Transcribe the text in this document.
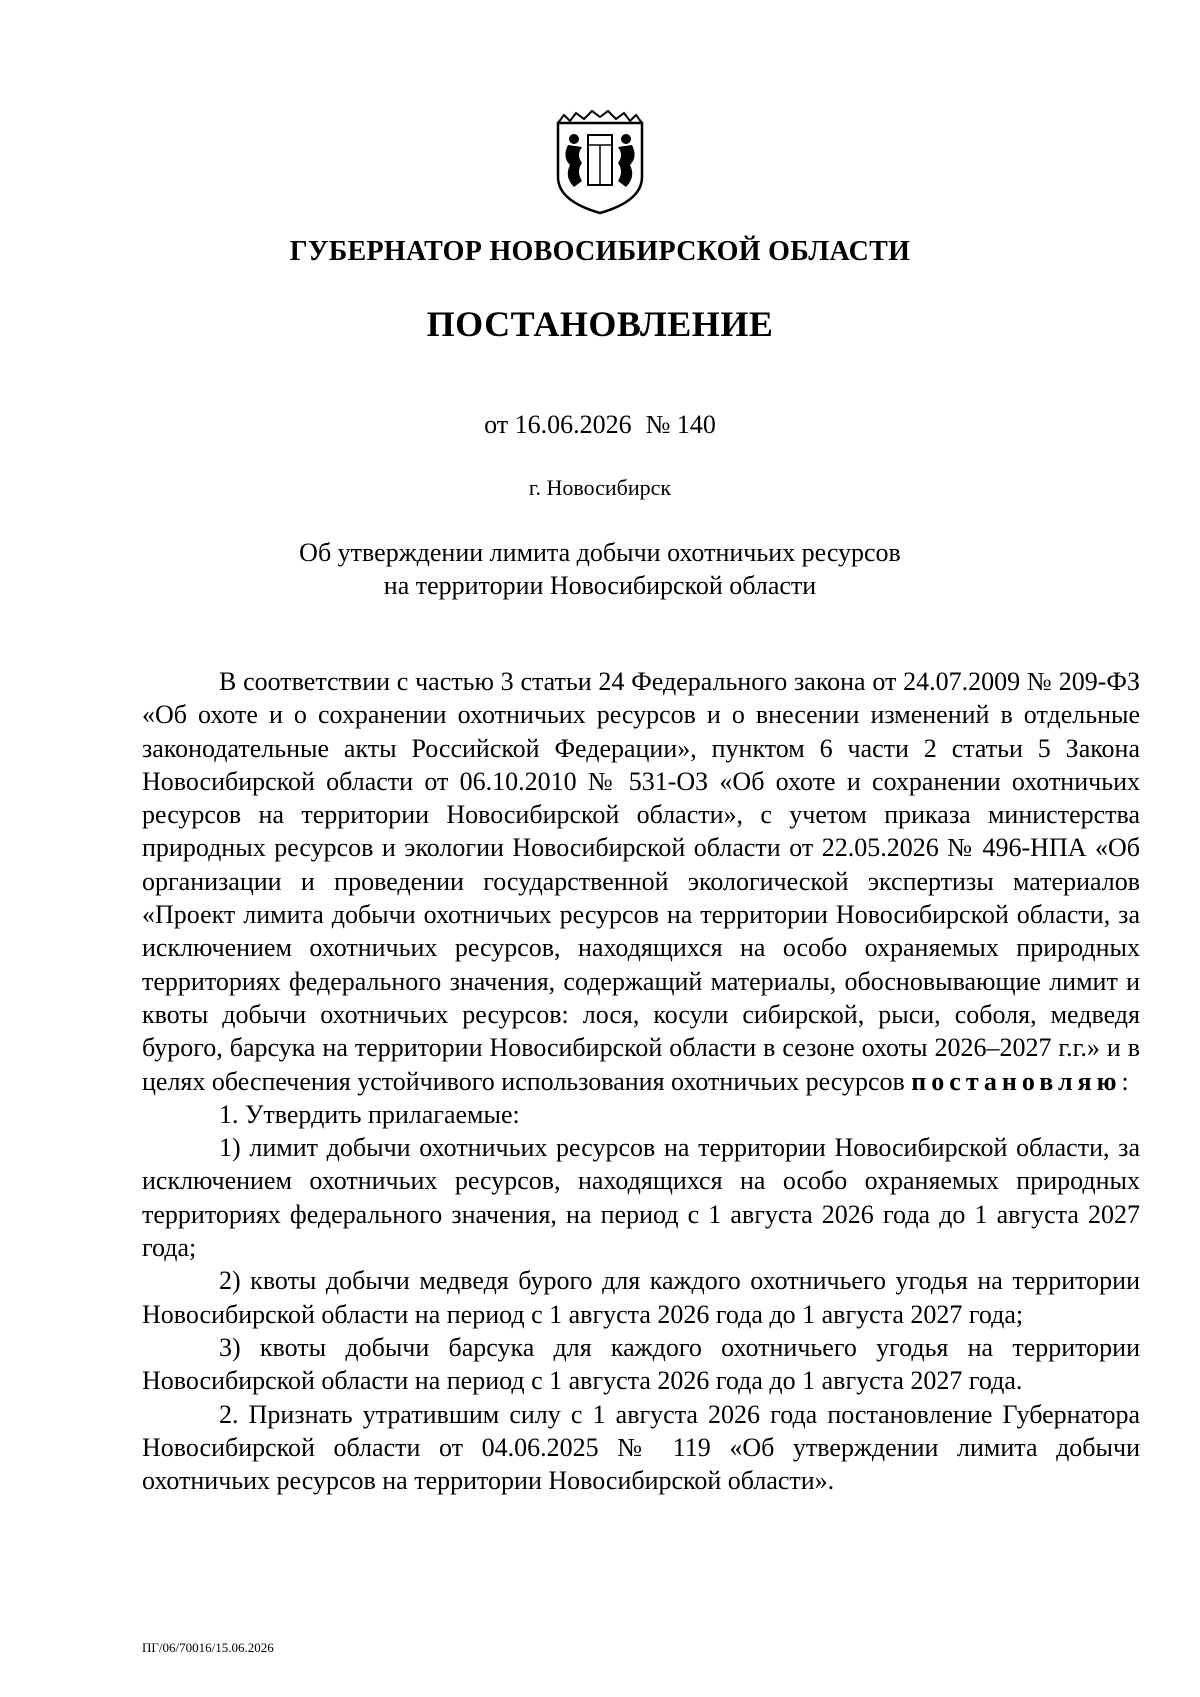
ГУБЕРНАТОР НОВОСИБИРСКОЙ ОБЛАСТИ
ПОСТАНОВЛЕНИЕ
от 16.06.2026 № 140
г. Новосибирск
Об утверждении лимита добычи охотничьих ресурсов
на территории Новосибирской области

В соответствии с частью 3 статьи 24 Федерального закона от 24.07.2009 № 209-ФЗ «Об охоте и о сохранении охотничьих ресурсов и о внесении изменений в отдельные законодательные акты Российской Федерации», пунктом 6 части 2 статьи 5 Закона Новосибирской области от 06.10.2010 № 531-ОЗ «Об охоте и сохранении охотничьих ресурсов на территории Новосибирской области», с учетом приказа министерства природных ресурсов и экологии Новосибирской области от 22.05.2026 № 496-НПА «Об организации и проведении государственной экологической экспертизы материалов «Проект лимита добычи охотничьих ресурсов на территории Новосибирской области, за исключением охотничьих ресурсов, находящихся на особо охраняемых природных территориях федерального значения, содержащий материалы, обосновывающие лимит и квоты добычи охотничьих ресурсов: лося, косули сибирской, рыси, соболя, медведя бурого, барсука на территории Новосибирской области в сезоне охоты 2026–2027 г.г.» и в целях обеспечения устойчивого использования охотничьих ресурсов постановляю:

1. Утвердить прилагаемые:

1) лимит добычи охотничьих ресурсов на территории Новосибирской области, за исключением охотничьих ресурсов, находящихся на особо охраняемых природных территориях федерального значения, на период с 1 августа 2026 года до 1 августа 2027 года;

2) квоты добычи медведя бурого для каждого охотничьего угодья на территории Новосибирской области на период с 1 августа 2026 года до 1 августа 2027 года;

3) квоты добычи барсука для каждого охотничьего угодья на территории Новосибирской области на период с 1 августа 2026 года до 1 августа 2027 года.

2. Признать утратившим силу с 1 августа 2026 года постановление Губернатора Новосибирской области от 04.06.2025 № 119 «Об утверждении лимита добычи охотничьих ресурсов на территории Новосибирской области».

ПГ/06/70016/15.06.2026
